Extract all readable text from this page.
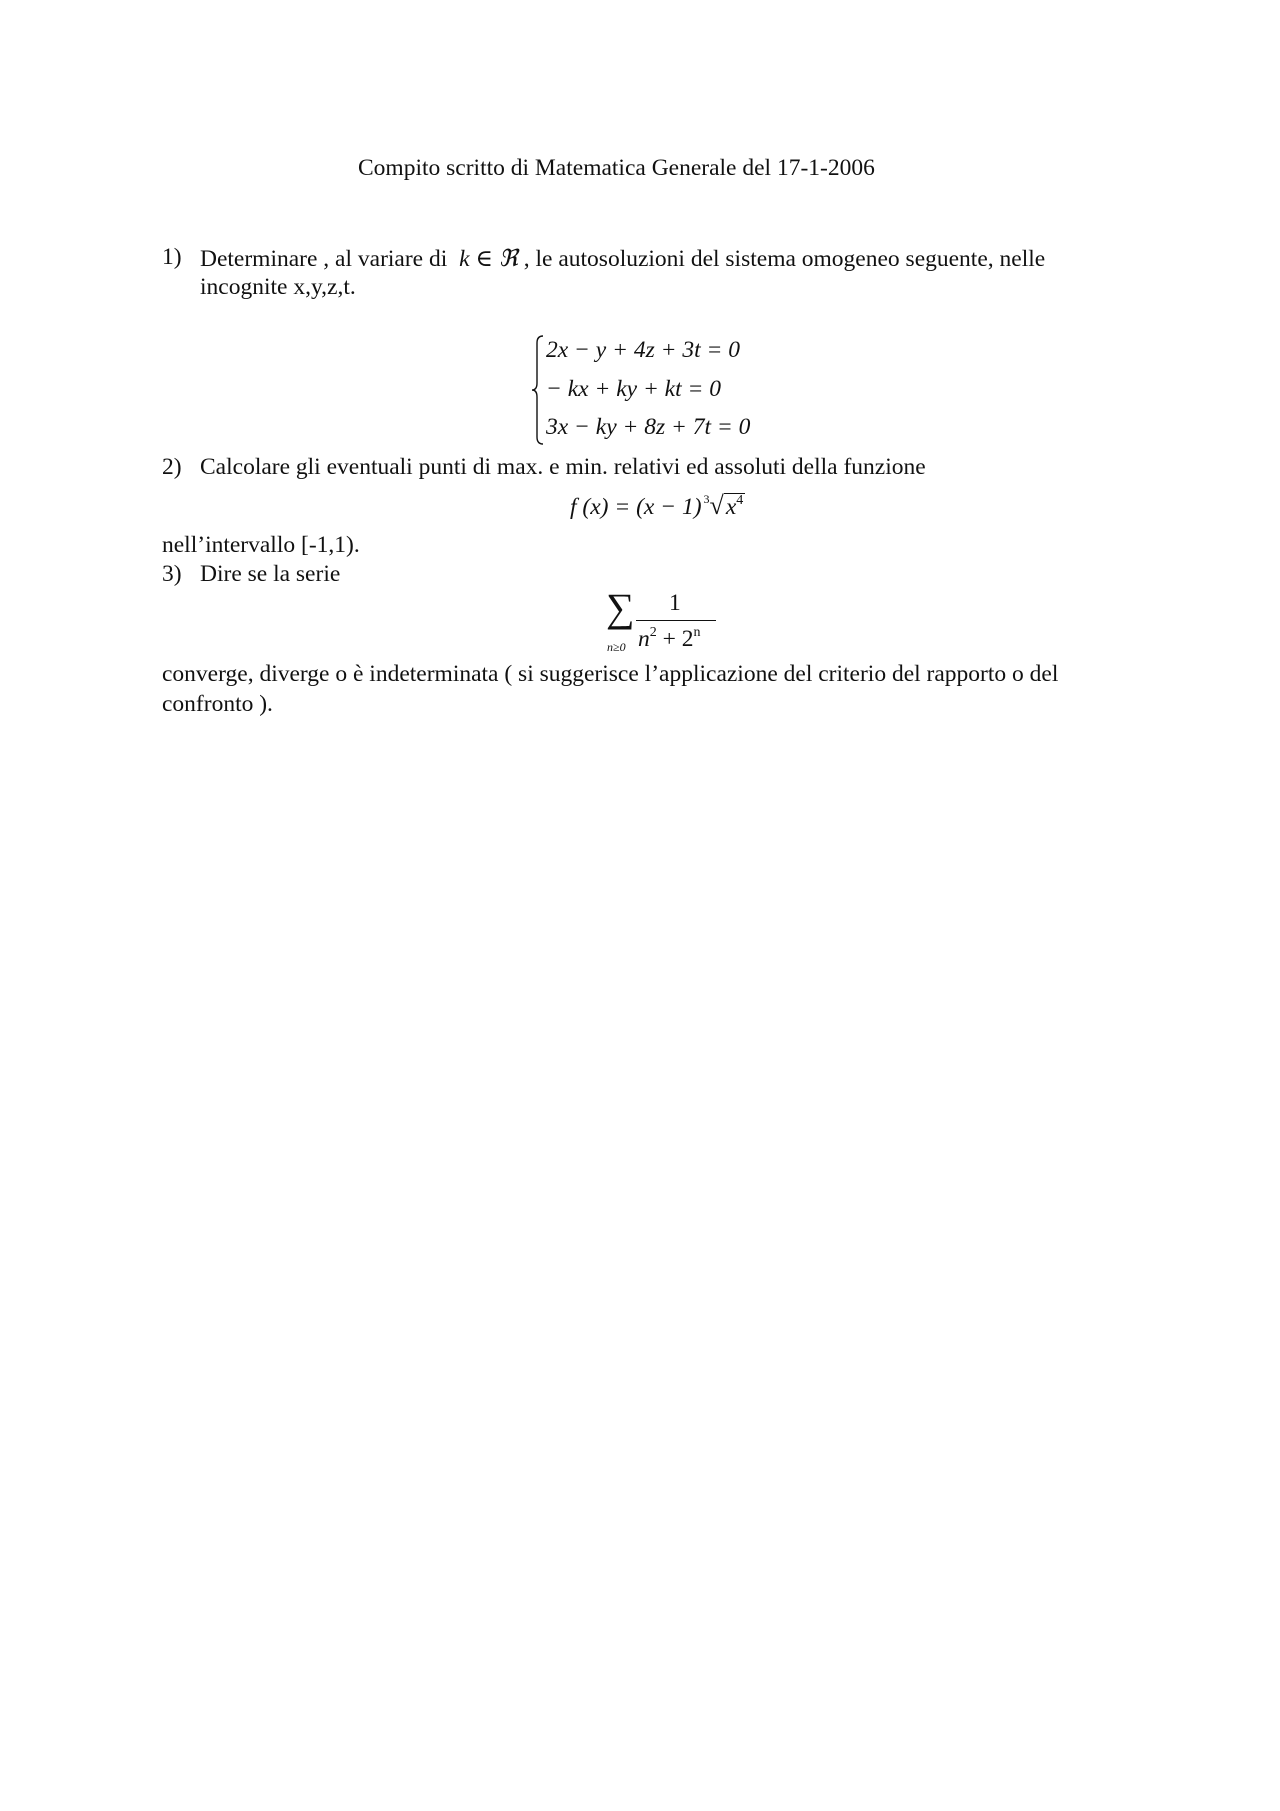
Compito scritto di Matematica Generale del 17-1-2006
1) Determinare , al variare di k ∈ ℜ , le autosoluzioni del sistema omogeneo seguente, nelle
incognite x,y,z,t.
2x − y + 4z + 3t = 0
− kx + ky + kt = 0
3x − ky + 8z + 7t = 0
2) Calcolare gli eventuali punti di max. e min. relativi ed assoluti della funzione
f (x) = (x − 1) $^3√x^4$
nell’intervallo [-1,1).
3) Dire se la serie
∑
n≥0
1
$n^2 + 2^n$
converge, diverge o è indeterminata ( si suggerisce l’applicazione del criterio del rapporto o del
confronto ).
